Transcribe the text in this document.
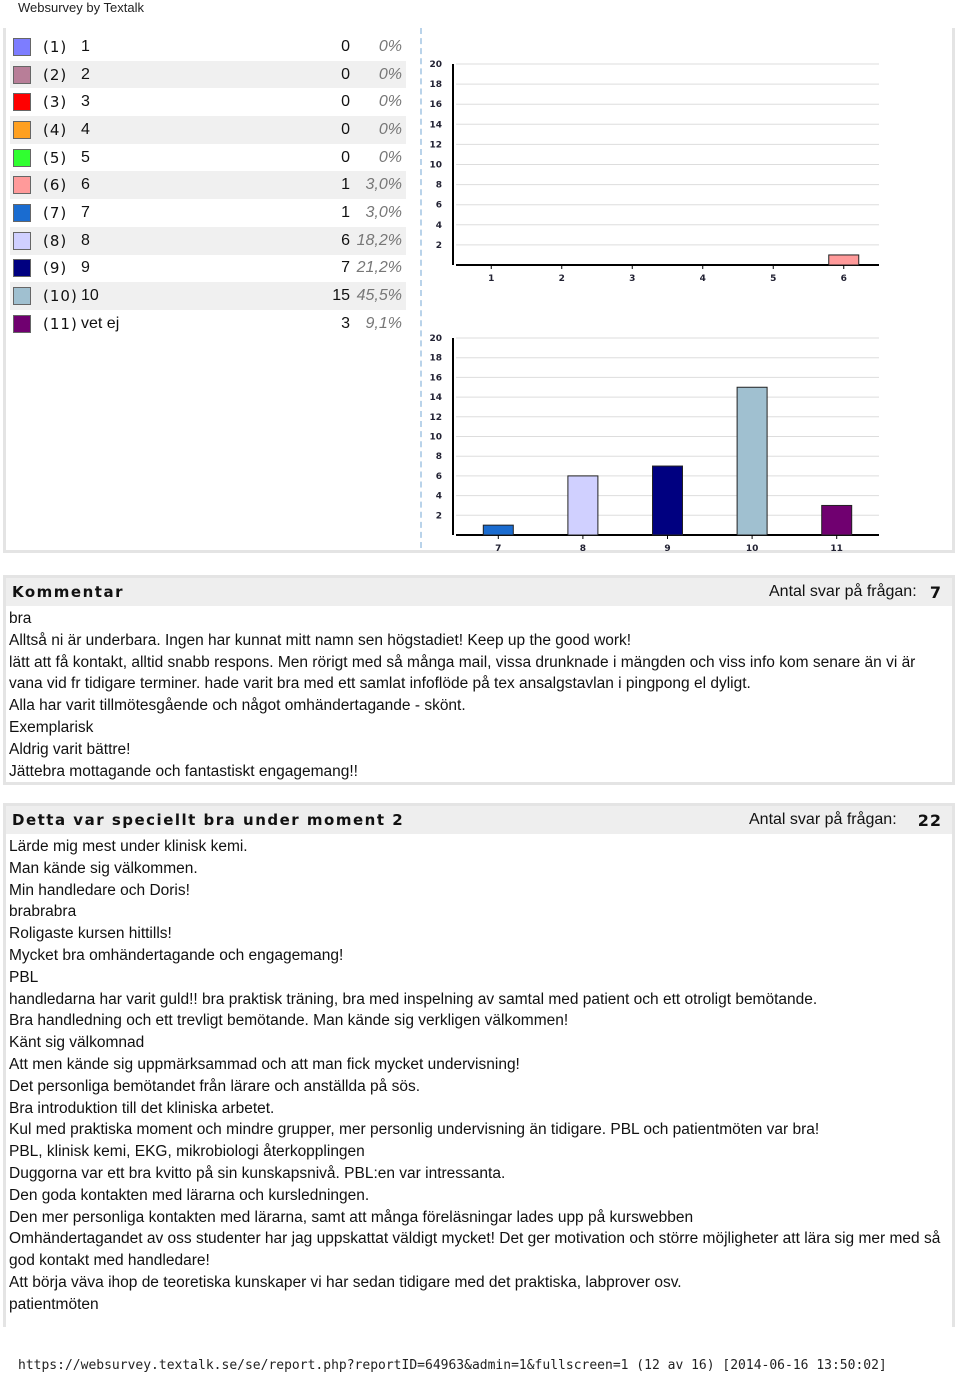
Websurvey by Textalk
(1) 1	0	0%
(2) 2	0	0%
(3) 3	0	0%
(4) 4	0	0%
(5) 5	0	0%
(6) 6	1 3,0%
(7) 7	1 3,0%
(8) 8	6 18,2%
(9) 9	7 21,2%
(10) 10	15 45,5%
(11) vet ej	3 9,1%
2
4
6
8
10
12
14
16
18
20
1	2	3	4	5	6
2
4
6
8
10
12
14
16
18
20
7	8	9	10	11
Kommentar	Antal svar på frågan: 7
bra
Alltså ni är underbara. Ingen har kunnat mitt namn sen högstadiet! Keep up the good work!
lätt att få kontakt, alltid snabb respons. Men rörigt med så många mail, vissa drunknade i mängden och viss info kom senare än vi är vana vid fr tidigare terminer. hade varit bra med ett samlat infoflöde på tex ansalgstavlan i pingpong el dyligt.
Alla har varit tillmötesgående och något omhändertagande - skönt.
Exemplarisk
Aldrig varit bättre!
Jättebra mottagande och fantastiskt engagemang!!
Detta var speciellt bra under moment 2	Antal svar på frågan: 22
Lärde mig mest under klinisk kemi.
Man kände sig välkommen.
Min handledare och Doris!
brabrabra
Roligaste kursen hittills!
Mycket bra omhändertagande och engagemang!
PBL
handledarna har varit guld!! bra praktisk träning, bra med inspelning av samtal med patient och ett otroligt bemötande.
Bra handledning och ett trevligt bemötande. Man kände sig verkligen välkommen!
Känt sig välkomnad
Att men kände sig uppmärksammad och att man fick mycket undervisning!
Det personliga bemötandet från lärare och anställda på sös.
Bra introduktion till det kliniska arbetet.
Kul med praktiska moment och mindre grupper, mer personlig undervisning än tidigare. PBL och patientmöten var bra!
PBL, klinisk kemi, EKG, mikrobiologi återkopplingen
Duggorna var ett bra kvitto på sin kunskapsnivå. PBL:en var intressanta.
Den goda kontakten med lärarna och kursledningen.
Den mer personliga kontakten med lärarna, samt att många föreläsningar lades upp på kurswebben
Omhändertagandet av oss studenter har jag uppskattat väldigt mycket! Det ger motivation och större möjligheter att lära sig mer med så god kontakt med handledare!
Att börja väva ihop de teoretiska kunskaper vi har sedan tidigare med det praktiska, labprover osv.
patientmöten
https://websurvey.textalk.se/se/report.php?reportID=64963&admin=1&fullscreen=1 (12 av 16) [2014-06-16 13:50:02]
